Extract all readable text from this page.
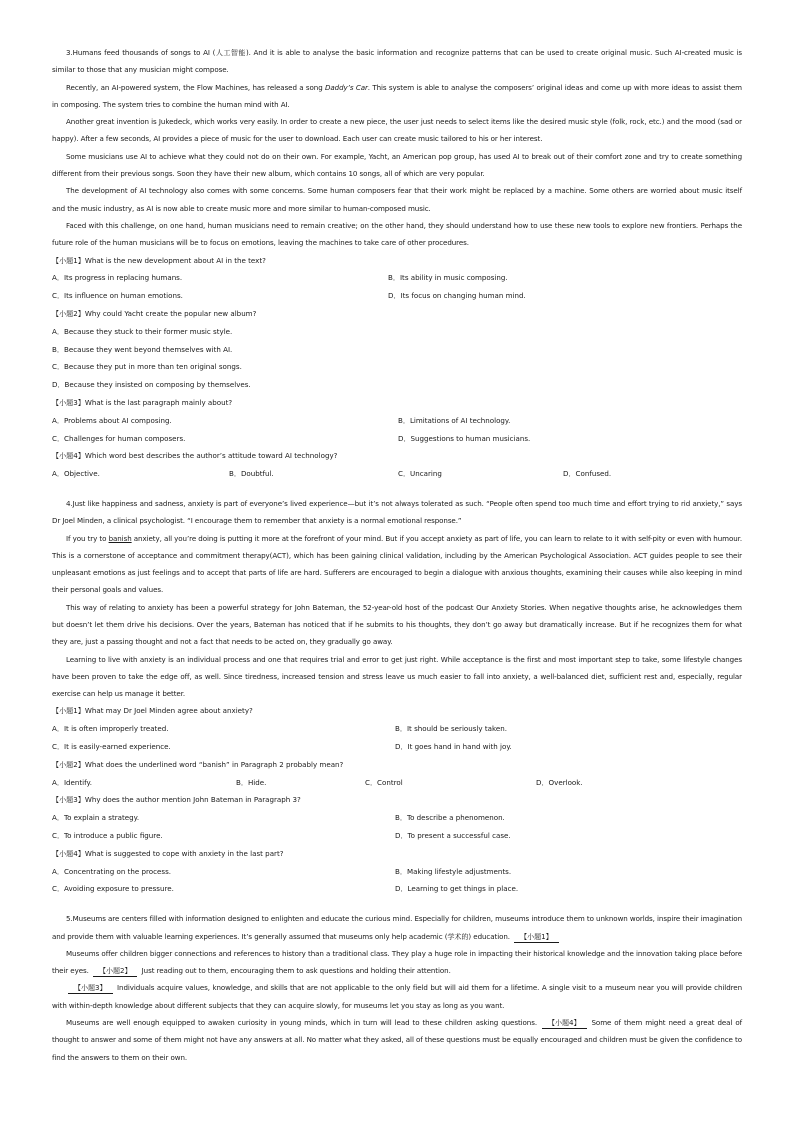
3.Humans feed thousands of songs to AI (人工智能). And it is able to analyse the basic information and recognize patterns that can be used to create original music. Such AI-created music is similar to those that any musician might compose.

Recently, an AI-powered system, the Flow Machines, has released a song Daddy’s Car. This system is able to analyse the composers’ original ideas and come up with more ideas to assist them in composing. The system tries to combine the human mind with AI.

Another great invention is Jukedeck, which works very easily. In order to create a new piece, the user just needs to select items like the desired music style (folk, rock, etc.) and the mood (sad or happy). After a few seconds, AI provides a piece of music for the user to download. Each user can create music tailored to his or her interest.

Some musicians use AI to achieve what they could not do on their own. For example, Yacht, an American pop group, has used AI to break out of their comfort zone and try to create something different from their previous songs. Soon they have their new album, which contains 10 songs, all of which are very popular.

The development of AI technology also comes with some concerns. Some human composers fear that their work might be replaced by a machine. Some others are worried about music itself and the music industry, as AI is now able to create music more and more similar to human-composed music.

Faced with this challenge, on one hand, human musicians need to remain creative; on the other hand, they should understand how to use these new tools to explore new frontiers. Perhaps the future role of the human musicians will be to focus on emotions, leaving the machines to take care of other procedures.

【小题1】What is the new development about AI in the text?
A．Its progress in replacing humans.	B．Its ability in music composing.
C．Its influence on human emotions.	D．Its focus on changing human mind.
【小题2】Why could Yacht create the popular new album?
A．Because they stuck to their former music style.
B．Because they went beyond themselves with AI.
C．Because they put in more than ten original songs.
D．Because they insisted on composing by themselves.
【小题3】What is the last paragraph mainly about?
A．Problems about AI composing.	B．Limitations of AI technology.
C．Challenges for human composers.	D．Suggestions to human musicians.
【小题4】Which word best describes the author’s attitude toward AI technology?
A．Objective.	B．Doubtful.	C．Uncaring	D．Confused.

4.Just like happiness and sadness, anxiety is part of everyone’s lived experience—but it’s not always tolerated as such. “People often spend too much time and effort trying to rid anxiety,” says Dr Joel Minden, a clinical psychologist. “I encourage them to remember that anxiety is a normal emotional response.”

If you try to banish anxiety, all you’re doing is putting it more at the forefront of your mind. But if you accept anxiety as part of life, you can learn to relate to it with self-pity or even with humour. This is a cornerstone of acceptance and commitment therapy(ACT), which has been gaining clinical validation, including by the American Psychological Association. ACT guides people to see their unpleasant emotions as just feelings and to accept that parts of life are hard. Sufferers are encouraged to begin a dialogue with anxious thoughts, examining their causes while also keeping in mind their personal goals and values.

This way of relating to anxiety has been a powerful strategy for John Bateman, the 52-year-old host of the podcast Our Anxiety Stories. When negative thoughts arise, he acknowledges them but doesn’t let them drive his decisions. Over the years, Bateman has noticed that if he submits to his thoughts, they don’t go away but dramatically increase. But if he recognizes them for what they are, just a passing thought and not a fact that needs to be acted on, they gradually go away.

Learning to live with anxiety is an individual process and one that requires trial and error to get just right. While acceptance is the first and most important step to take, some lifestyle changes have been proven to take the edge off, as well. Since tiredness, increased tension and stress leave us much easier to fall into anxiety, a well-balanced diet, sufficient rest and, especially, regular exercise can help us manage it better.

【小题1】What may Dr Joel Minden agree about anxiety?
A．It is often improperly treated.	B．It should be seriously taken.
C．It is easily-earned experience.	D．It goes hand in hand with joy.
【小题2】What does the underlined word “banish” in Paragraph 2 probably mean?
A．Identify.	B．Hide.	C．Control	D．Overlook.
【小题3】Why does the author mention John Bateman in Paragraph 3?
A．To explain a strategy.	B．To describe a phenomenon.
C．To introduce a public figure.	D．To present a successful case.
【小题4】What is suggested to cope with anxiety in the last part?
A．Concentrating on the process.	B．Making lifestyle adjustments.
C．Avoiding exposure to pressure.	D．Learning to get things in place.

5.Museums are centers filled with information designed to enlighten and educate the curious mind. Especially for children, museums introduce them to unknown worlds, inspire their imagination and provide them with valuable learning experiences. It’s generally assumed that museums only help academic (学术的) education. 【小题1】

Museums offer children bigger connections and references to history than a traditional class. They play a huge role in impacting their historical knowledge and the innovation taking place before their eyes. 【小题2】 Just reading out to them, encouraging them to ask questions and holding their attention.

【小题3】 Individuals acquire values, knowledge, and skills that are not applicable to the only field but will aid them for a lifetime. A single visit to a museum near you will provide children with within-depth knowledge about different subjects that they can acquire slowly, for museums let you stay as long as you want.

Museums are well enough equipped to awaken curiosity in young minds, which in turn will lead to these children asking questions. 【小题4】 Some of them might need a great deal of thought to answer and some of them might not have any answers at all. No matter what they asked, all of these questions must be equally encouraged and children must be given the confidence to find the answers to them on their own.
